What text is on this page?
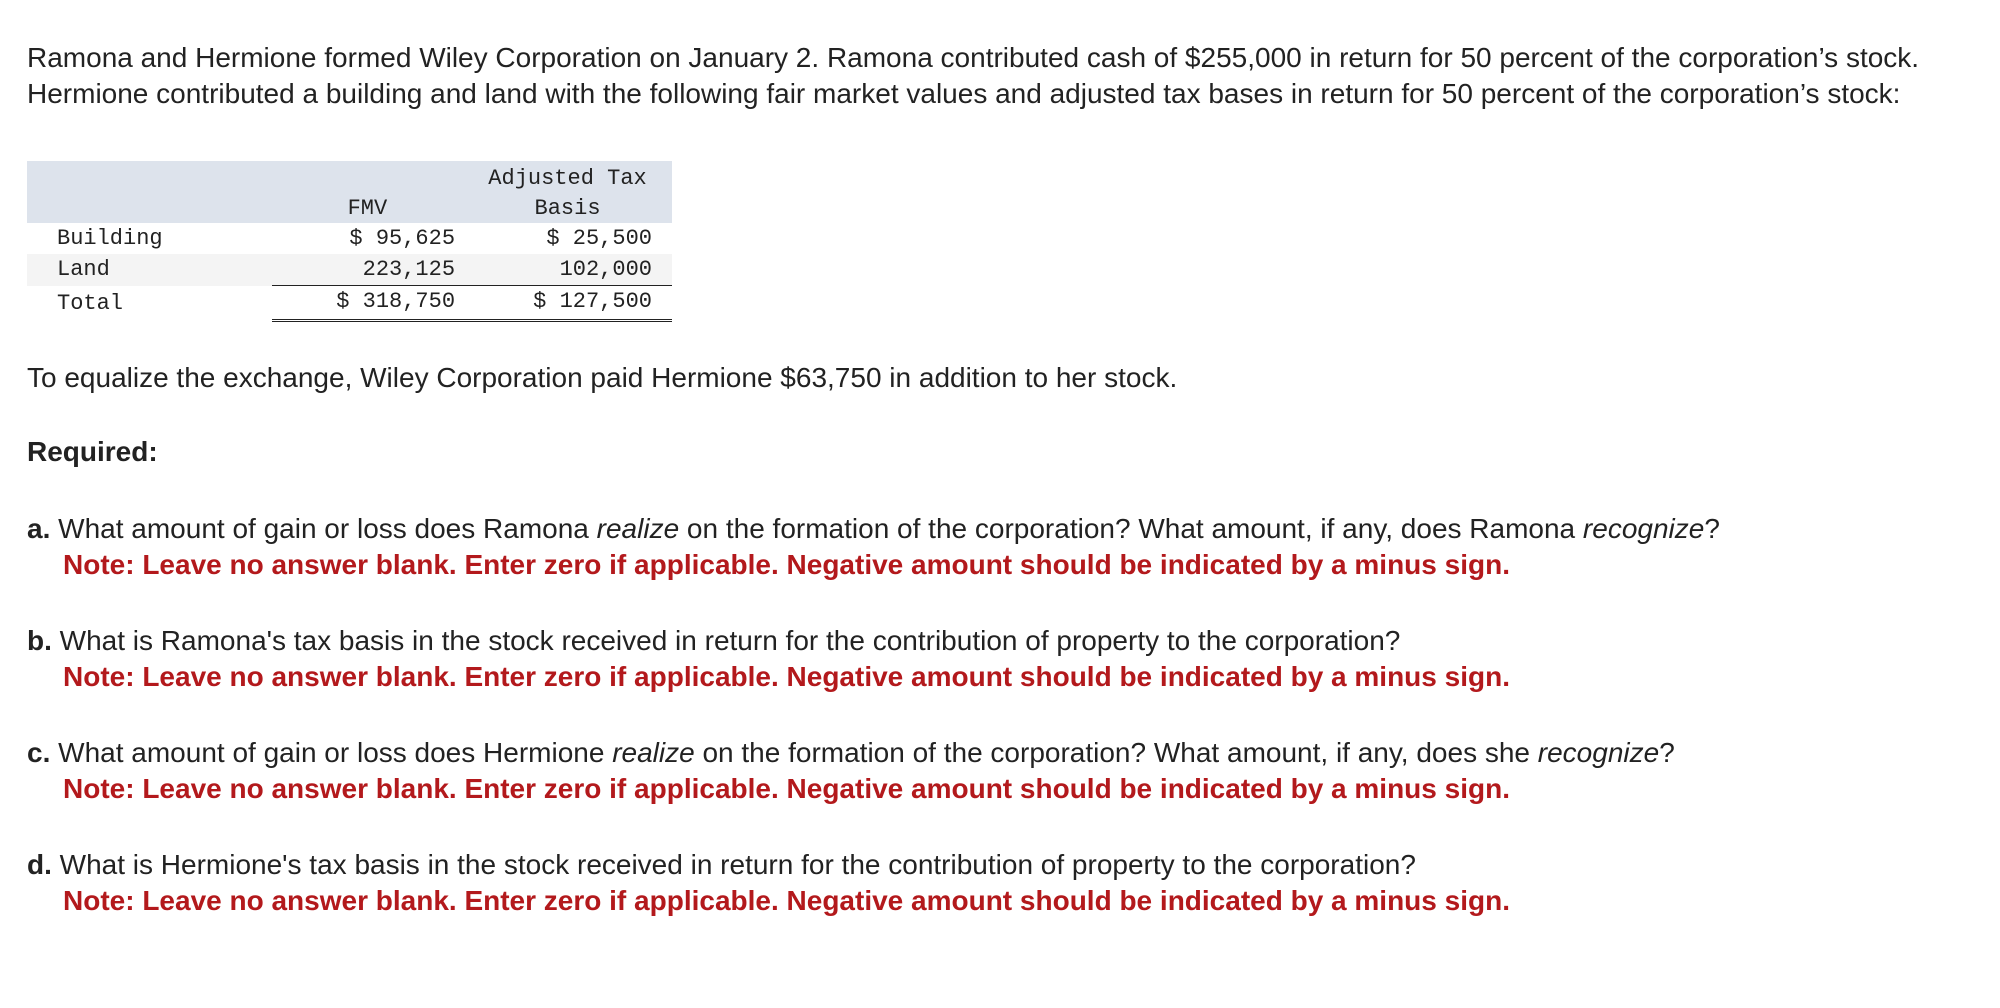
Ramona and Hermione formed Wiley Corporation on January 2. Ramona contributed cash of $255,000 in return for 50 percent of the corporation’s stock. Hermione contributed a building and land with the following fair market values and adjusted tax bases in return for 50 percent of the corporation’s stock:

		Adjusted Tax
	FMV	Basis
Building	$ 95,625	$ 25,500
Land	223,125	102,000
Total	$ 318,750	$ 127,500

To equalize the exchange, Wiley Corporation paid Hermione $63,750 in addition to her stock.

Required:

a. What amount of gain or loss does Ramona realize on the formation of the corporation? What amount, if any, does Ramona recognize?
Note: Leave no answer blank. Enter zero if applicable. Negative amount should be indicated by a minus sign.

b. What is Ramona's tax basis in the stock received in return for the contribution of property to the corporation?
Note: Leave no answer blank. Enter zero if applicable. Negative amount should be indicated by a minus sign.

c. What amount of gain or loss does Hermione realize on the formation of the corporation? What amount, if any, does she recognize?
Note: Leave no answer blank. Enter zero if applicable. Negative amount should be indicated by a minus sign.

d. What is Hermione's tax basis in the stock received in return for the contribution of property to the corporation?
Note: Leave no answer blank. Enter zero if applicable. Negative amount should be indicated by a minus sign.
